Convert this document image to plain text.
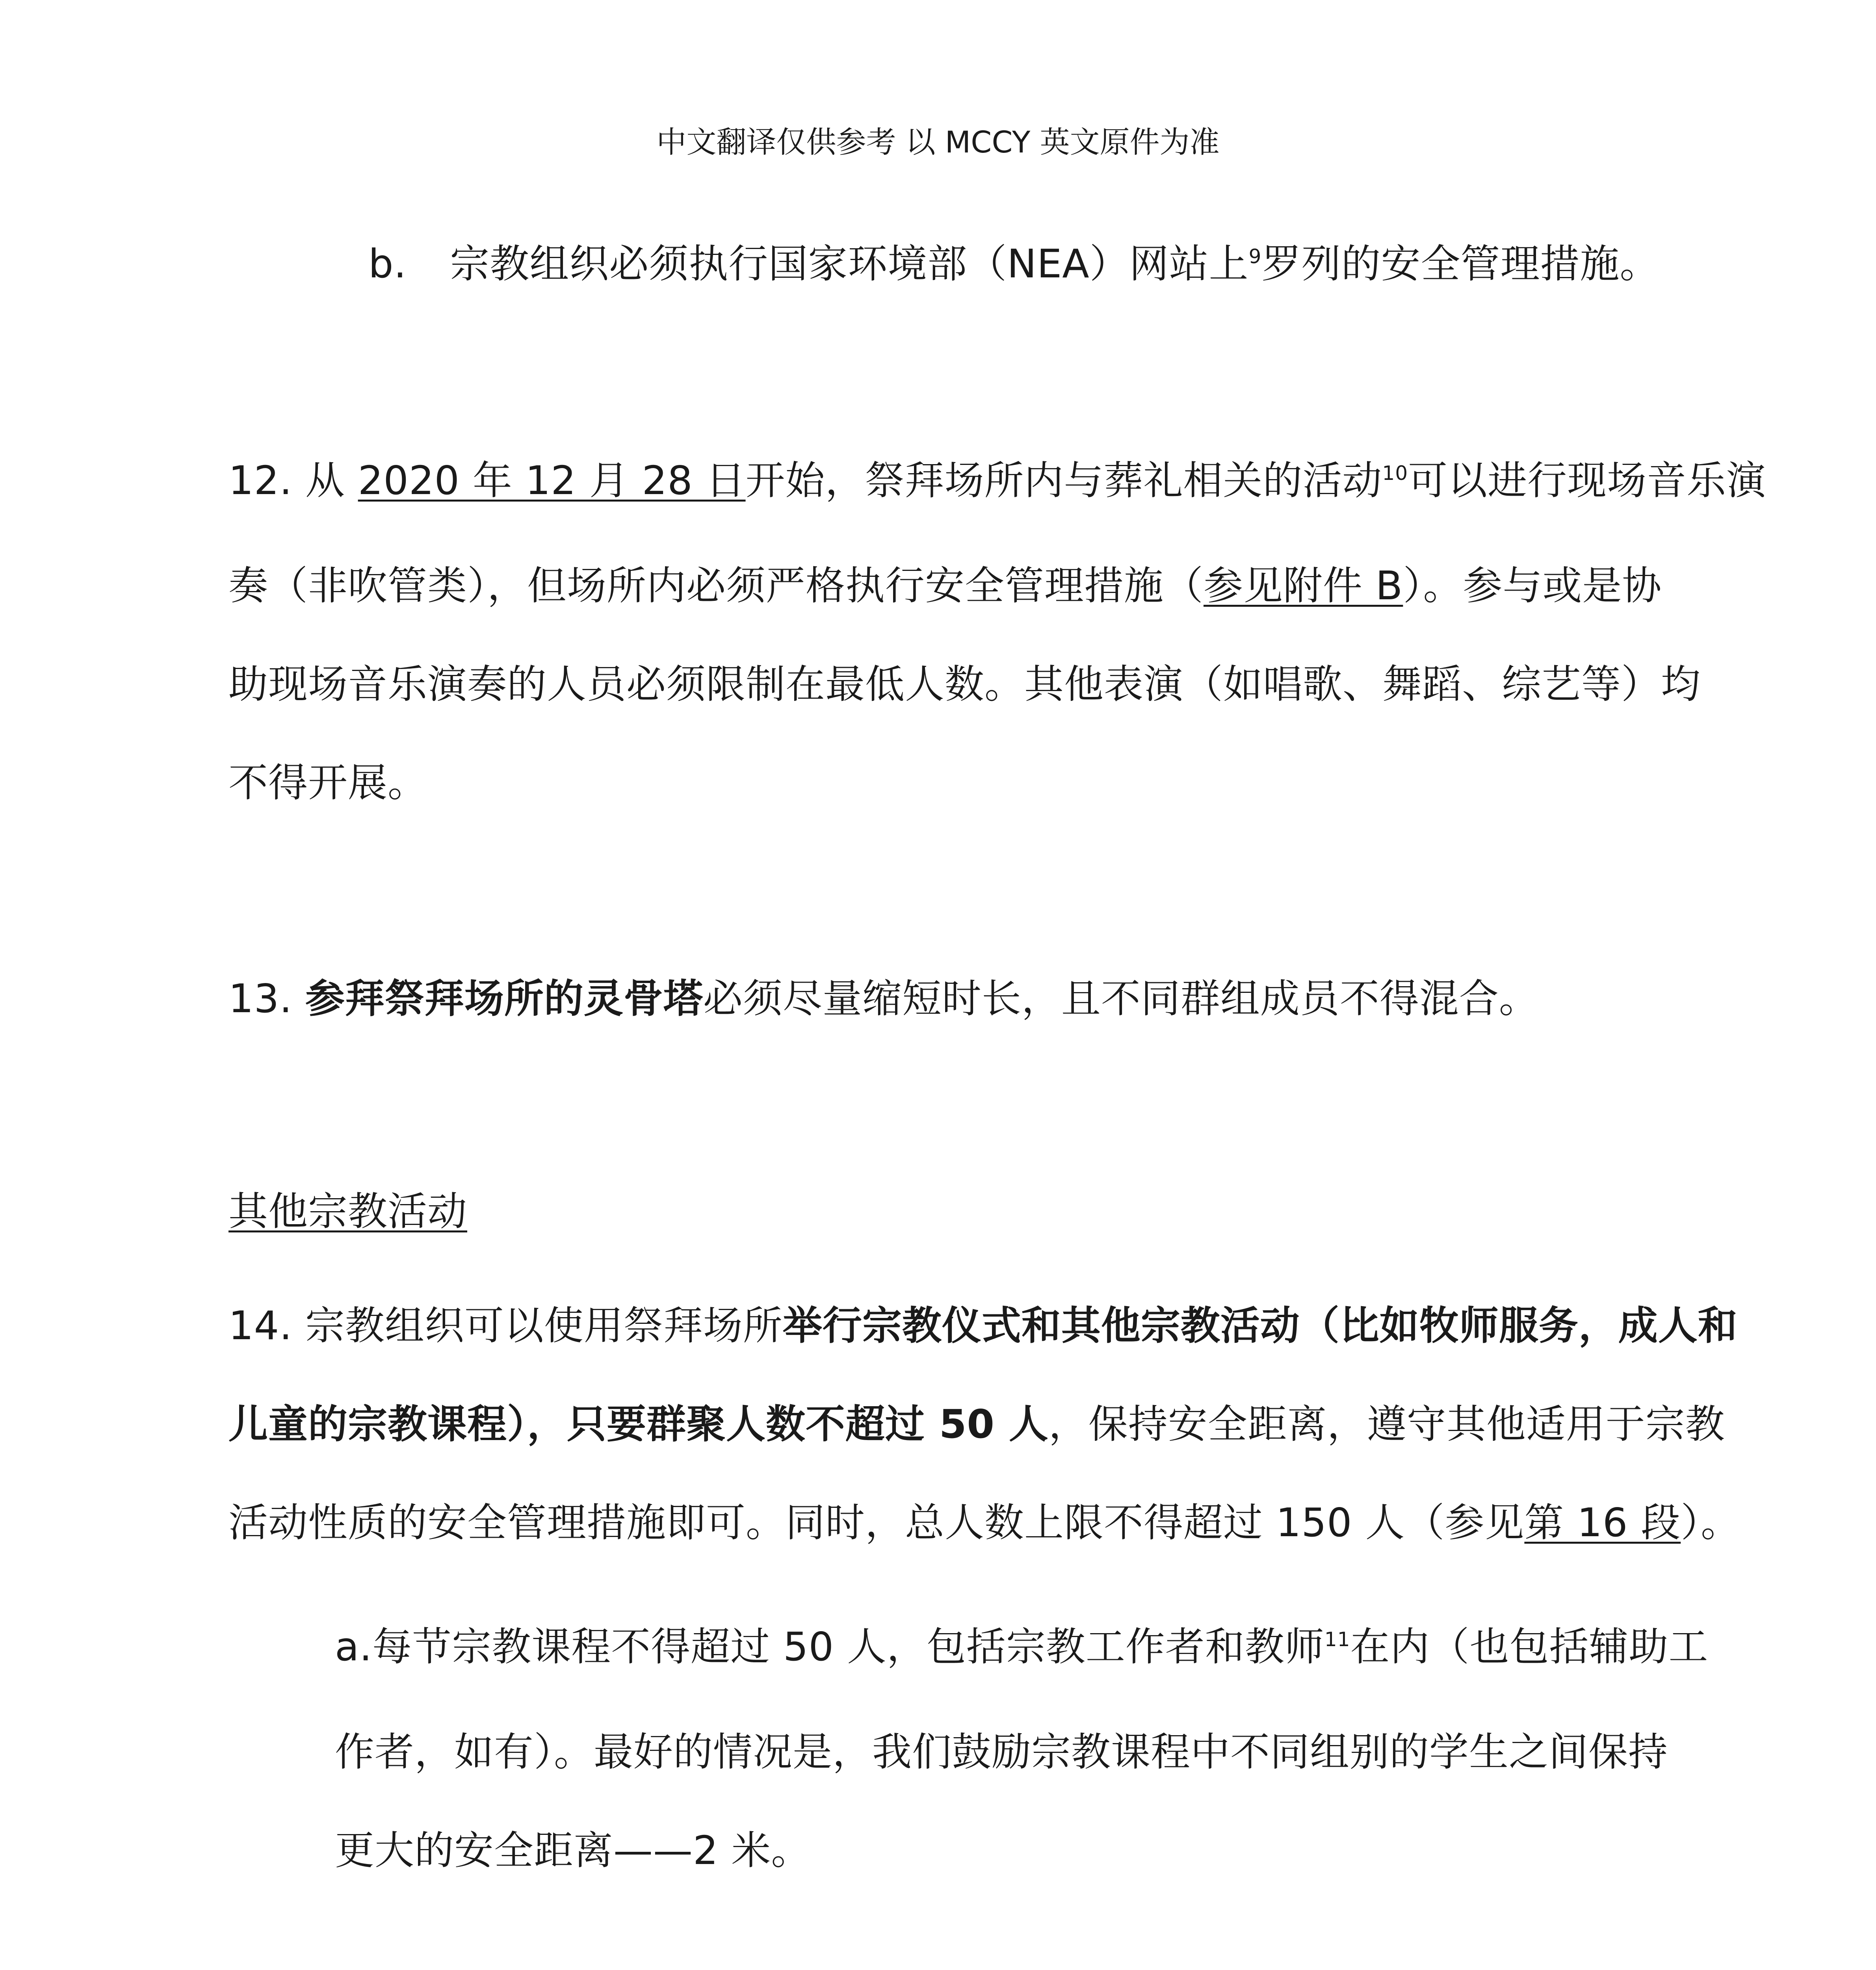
中文翻译仅供参考 以 MCCY 英文原件为准
b. 宗教组织必须执行国家环境部（NEA）网站上$^9$罗列的安全管理措施。
12. 从 2020 年 12 月 28 日开始，祭拜场所内与葬礼相关的活动$^{10}$可以进行现场音乐演
奏（非吹管类），但场所内必须严格执行安全管理措施（参见附件 B）。参与或是协
助现场音乐演奏的人员必须限制在最低人数。其他表演（如唱歌、舞蹈、综艺等）均
不得开展。
13. 参拜祭拜场所的灵骨塔必须尽量缩短时长，且不同群组成员不得混合。
其他宗教活动
14. 宗教组织可以使用祭拜场所举行宗教仪式和其他宗教活动（比如牧师服务，成人和
儿童的宗教课程），只要群聚人数不超过 50 人，保持安全距离，遵守其他适用于宗教
活动性质的安全管理措施即可。同时，总人数上限不得超过 150 人（参见第 16 段）。
a.每节宗教课程不得超过 50 人，包括宗教工作者和教师$^{11}$在内（也包括辅助工
作者，如有）。最好的情况是，我们鼓励宗教课程中不同组别的学生之间保持
更大的安全距离——2 米。
